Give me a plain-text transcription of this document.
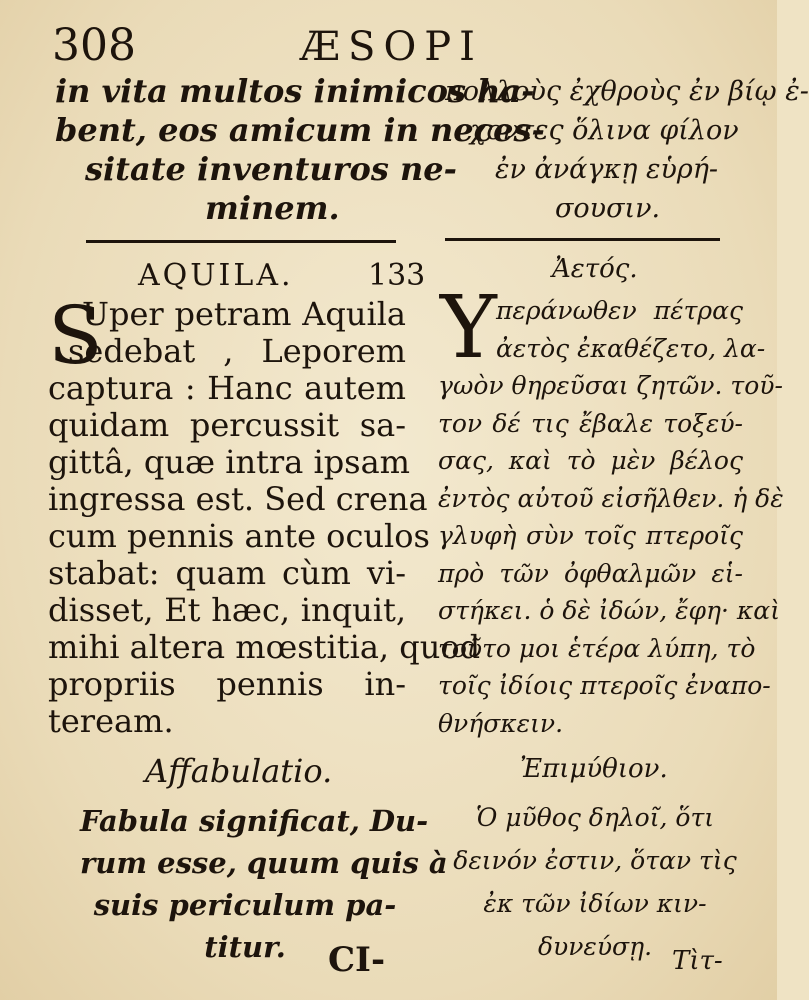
308	ÆSOPI
in vita multos inimicos ha-
bent, eos amicum in neces-
sitate inventuros ne-
minem.
πολλοὺς ἐχθροὺς ἐν βίῳ ἐ-
χοντες ὅλινα φίλον
ἐν ἀνάγκῃ εὑρή-
σουσιν.
AQUILA. 133	Ἀετός.
S
Uper petram Aquila
sedebat , Leporem
captura : Hanc autem
quidam percussit sa-
gittâ, quæ intra ipsam
ingressa est. Sed crena
cum pennis ante oculos
stabat: quam cùm vi-
disset, Et hæc, inquit,
mihi altera mœstitia, quod
propriis pennis in-
teream.
Υ περάνωθεν πέτρας
ἀετὸς ἐκαθέζετο, λα-
γωὸν θηρεῦσαι ζητῶν. τοῦ-
τον δέ τις ἔβαλε τοξεύ-
σας, καὶ τὸ μὲν βέλος
ἐντὸς αὐτοῦ εἰσῆλθεν. ἡ δὲ
γλυφὴ σὺν τοῖς πτεροῖς
πρὸ τῶν ὀφθαλμῶν εἱ-
στήκει. ὁ δὲ ἰδών, ἔφη· καὶ
τοῦτο μοι ἑτέρα λύπη, τὸ
τοῖς ἰδίοις πτεροῖς ἐναπο-
θνήσκειν.
Affabulatio.	Ἐπιμύθιον.
Fabula significat, Du-
rum esse, quum quis à
suis periculum pa-
titur.
Ὁ μῦθος δηλοῖ, ὅτι
δεινόν ἐστιν, ὅταν τὶς
ἐκ τῶν ἰδίων κιν-
δυνεύσῃ.
CI-	Τὶτ-
